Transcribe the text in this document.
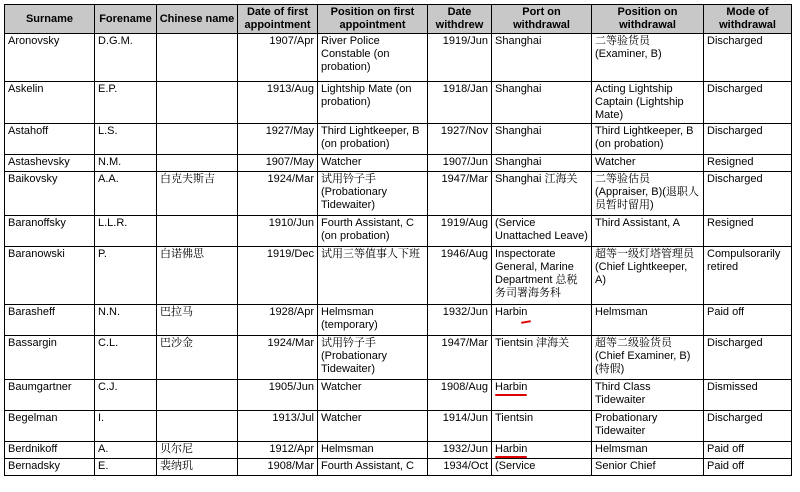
Surname	Forename	Chinese name	Date of first appointment	Position on first appointment	Date withdrew	Port on withdrawal	Position on withdrawal	Mode of withdrawal
Aronovsky	D.G.M.		1907/Apr	River Police Constable (on probation)	1919/Jun	Shanghai	二等验货员 (Examiner, B)	Discharged
Askelin	E.P.		1913/Aug	Lightship Mate (on probation)	1918/Jan	Shanghai	Acting Lightship Captain (Lightship Mate)	Discharged
Astahoff	L.S.		1927/May	Third Lightkeeper, B (on probation)	1927/Nov	Shanghai	Third Lightkeeper, B (on probation)	Discharged
Astashevsky	N.M.		1907/May	Watcher	1907/Jun	Shanghai	Watcher	Resigned
Baikovsky	A.A.	白克夫斯吉	1924/Mar	试用钤子手 (Probationary Tidewaiter)	1947/Mar	Shanghai 江海关	二等验估员 (Appraiser, B)(退职人员暂时留用)	Discharged
Baranoffsky	L.L.R.		1910/Jun	Fourth Assistant, C (on probation)	1919/Aug	(Service Unattached Leave)	Third Assistant, A	Resigned
Baranowski	P.	白诺佛思	1919/Dec	试用三等值事人下班	1946/Aug	Inspectorate General, Marine Department 总税务司署海务科	超等一级灯塔管理员 (Chief Lightkeeper, A)	Compulsorarily retired
Barasheff	N.N.	巴拉马	1928/Apr	Helmsman (temporary)	1932/Jun	Harbin	Helmsman	Paid off
Bassargin	C.L.	巴沙金	1924/Mar	试用钤子手 (Probationary Tidewaiter)	1947/Mar	Tientsin 津海关	超等二级验货员 (Chief Examiner, B)(特假)	Discharged
Baumgartner	C.J.		1905/Jun	Watcher	1908/Aug	Harbin	Third Class Tidewaiter	Dismissed
Begelman	I.		1913/Jul	Watcher	1914/Jun	Tientsin	Probationary Tidewaiter	Discharged
Berdnikoff	A.	贝尔尼	1912/Apr	Helmsman	1932/Jun	Harbin	Helmsman	Paid off
Bernadsky	E.	裴纳玑	1908/Mar	Fourth Assistant, C	1934/Oct	(Service	Senior Chief	Paid off
